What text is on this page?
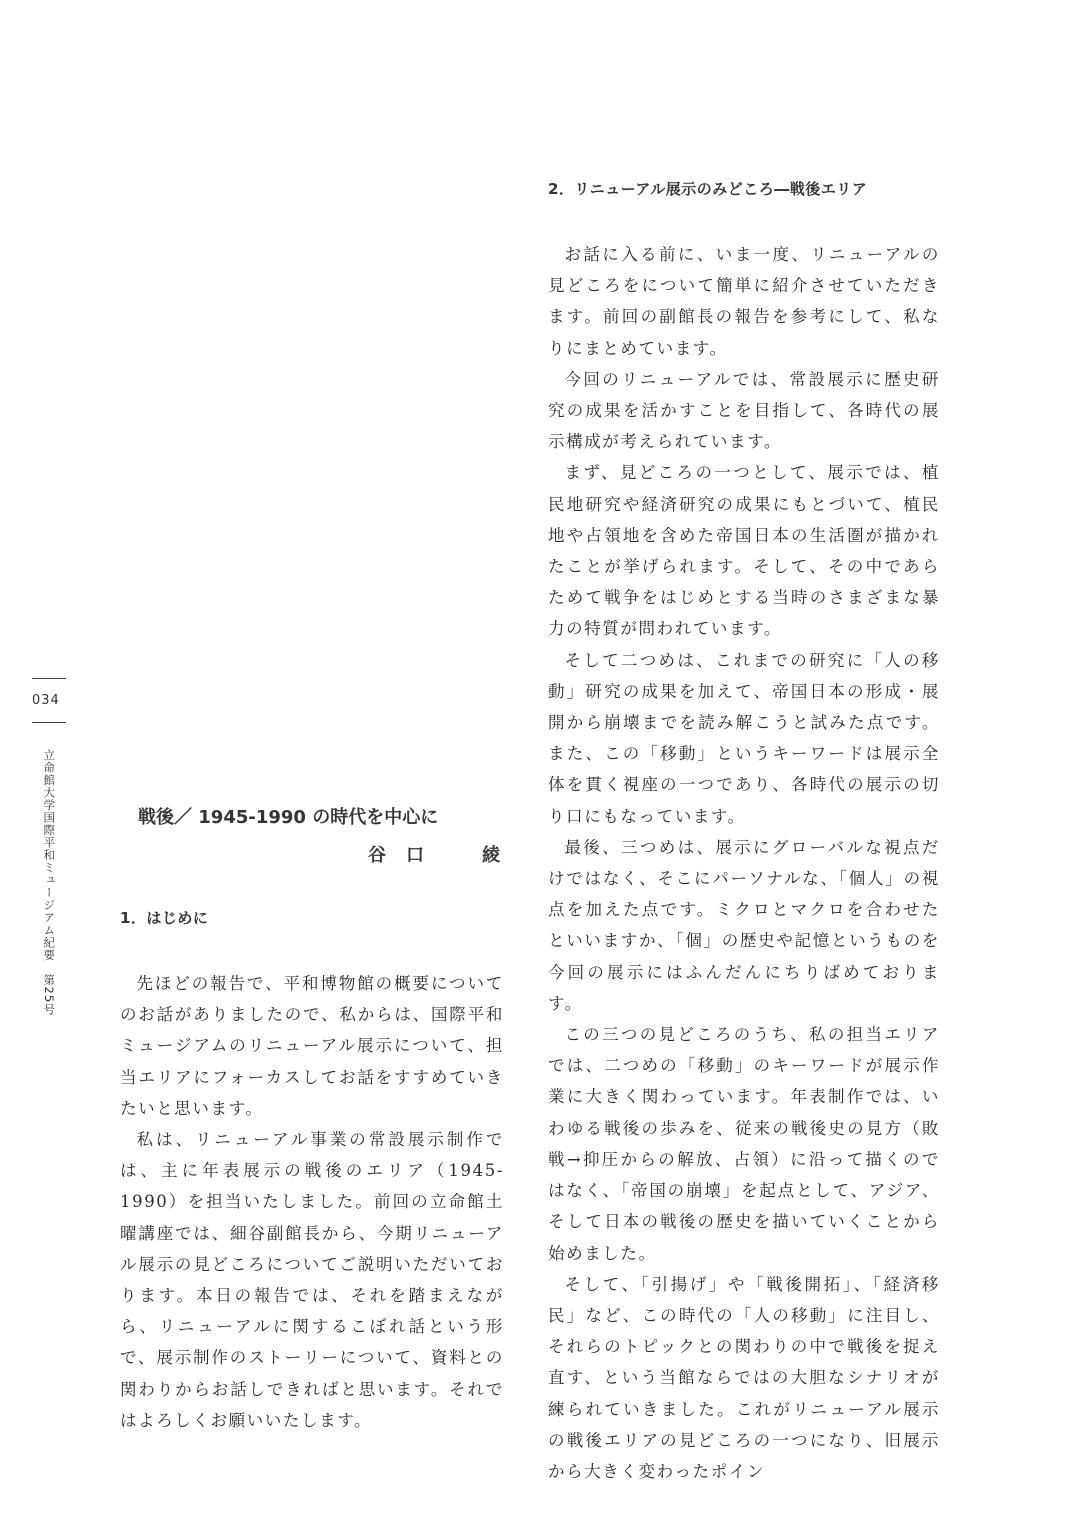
034
立命館大学国際平和ミュージアム紀要　第25号	戦後／ 1945-1990 の時代を中心に
谷口　綾
1．はじめに

先ほどの報告で、平和博物館の概要についてのお話がありましたので、私からは、国際平和ミュージアムのリニューアル展示について、担当エリアにフォーカスしてお話をすすめていきたいと思います。

私は、リニューアル事業の常設展示制作では、主に年表展示の戦後のエリア（1945-1990）を担当いたしました。前回の立命館土曜講座では、細谷副館長から、今期リニューアル展示の見どころについてご説明いただいております。本日の報告では、それを踏まえながら、リニューアルに関するこぼれ話という形で、展示制作のストーリーについて、資料との関わりからお話しできればと思います。それではよろしくお願いいたします。

2．リニューアル展示のみどころ―戦後エリア

お話に入る前に、いま一度、リニューアルの見どころをについて簡単に紹介させていただきます。前回の副館長の報告を参考にして、私なりにまとめています。

今回のリニューアルでは、常設展示に歴史研究の成果を活かすことを目指して、各時代の展示構成が考えられています。

まず、見どころの一つとして、展示では、植民地研究や経済研究の成果にもとづいて、植民地や占領地を含めた帝国日本の生活圏が描かれたことが挙げられます。そして、その中であらためて戦争をはじめとする当時のさまざまな暴力の特質が問われています。

そして二つめは、これまでの研究に「人の移動」研究の成果を加えて、帝国日本の形成・展開から崩壊までを読み解こうと試みた点です。また、この「移動」というキーワードは展示全体を貫く視座の一つであり、各時代の展示の切り口にもなっています。

最後、三つめは、展示にグローバルな視点だけではなく、そこにパーソナルな、「個人」の視点を加えた点です。ミクロとマクロを合わせたといいますか、「個」の歴史や記憶というものを今回の展示にはふんだんにちりばめております。

この三つの見どころのうち、私の担当エリアでは、二つめの「移動」のキーワードが展示作業に大きく関わっています。年表制作では、いわゆる戦後の歩みを、従来の戦後史の見方（敗戦→抑圧からの解放、占領）に沿って描くのではなく、「帝国の崩壊」を起点として、アジア、そして日本の戦後の歴史を描いていくことから始めました。

そして、「引揚げ」や「戦後開拓」、「経済移民」など、この時代の「人の移動」に注目し、それらのトピックとの関わりの中で戦後を捉え直す、という当館ならではの大胆なシナリオが練られていきました。これがリニューアル展示の戦後エリアの見どころの一つになり、旧展示から大きく変わったポイン
